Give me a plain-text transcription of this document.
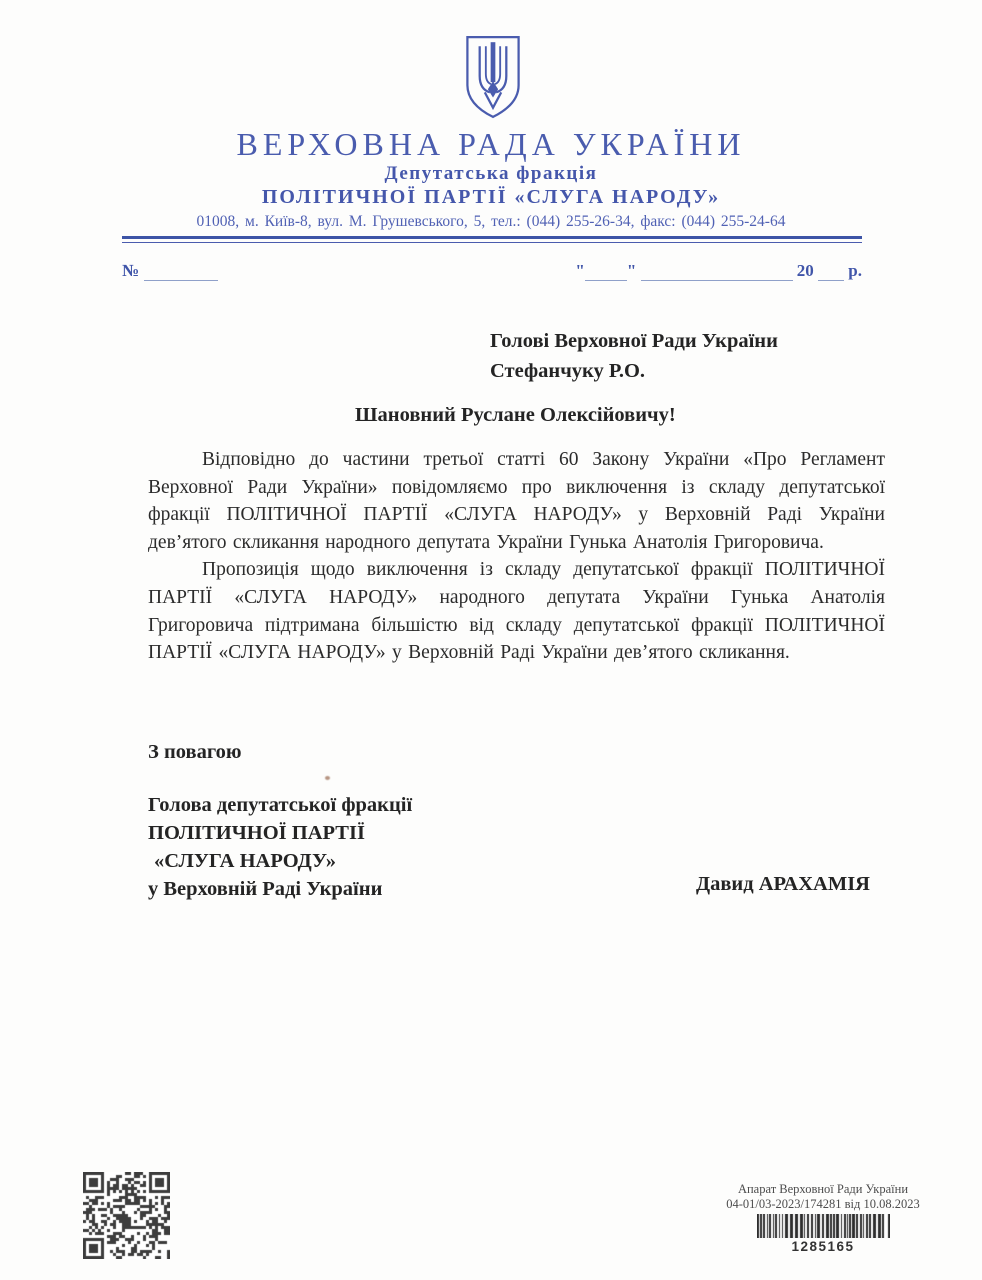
ВЕРХОВНА РАДА УКРАЇНИ
Депутатська фракція
ПОЛІТИЧНОЇ ПАРТІЇ «СЛУГА НАРОДУ»
01008, м. Київ-8, вул. М. Грушевського, 5, тел.: (044) 255-26-34, факс: (044) 255-24-64
№	" "	20 р.
Голові Верховної Ради України
Стефанчуку Р.О.
Шановний Руслане Олексійовичу!

Відповідно до частини третьої статті 60 Закону України «Про Регламент Верховної Ради України» повідомляємо про виключення із складу депутатської фракції ПОЛІТИЧНОЇ ПАРТІЇ «СЛУГА НАРОДУ» у Верховній Раді України дев’ятого скликання народного депутата України Гунька Анатолія Григоровича.

Пропозиція щодо виключення із складу депутатської фракції ПОЛІТИЧНОЇ ПАРТІЇ «СЛУГА НАРОДУ» народного депутата України Гунька Анатолія Григоровича підтримана більшістю від складу депутатської фракції ПОЛІТИЧНОЇ ПАРТІЇ «СЛУГА НАРОДУ» у Верховній Раді України дев’ятого скликання.

З повагою
Голова депутатської фракції
ПОЛІТИЧНОЇ ПАРТІЇ
«СЛУГА НАРОДУ»
у Верховній Раді України	Давид АРАХАМІЯ
Апарат Верховної Ради України
04-01/03-2023/174281 від 10.08.2023
1285165
